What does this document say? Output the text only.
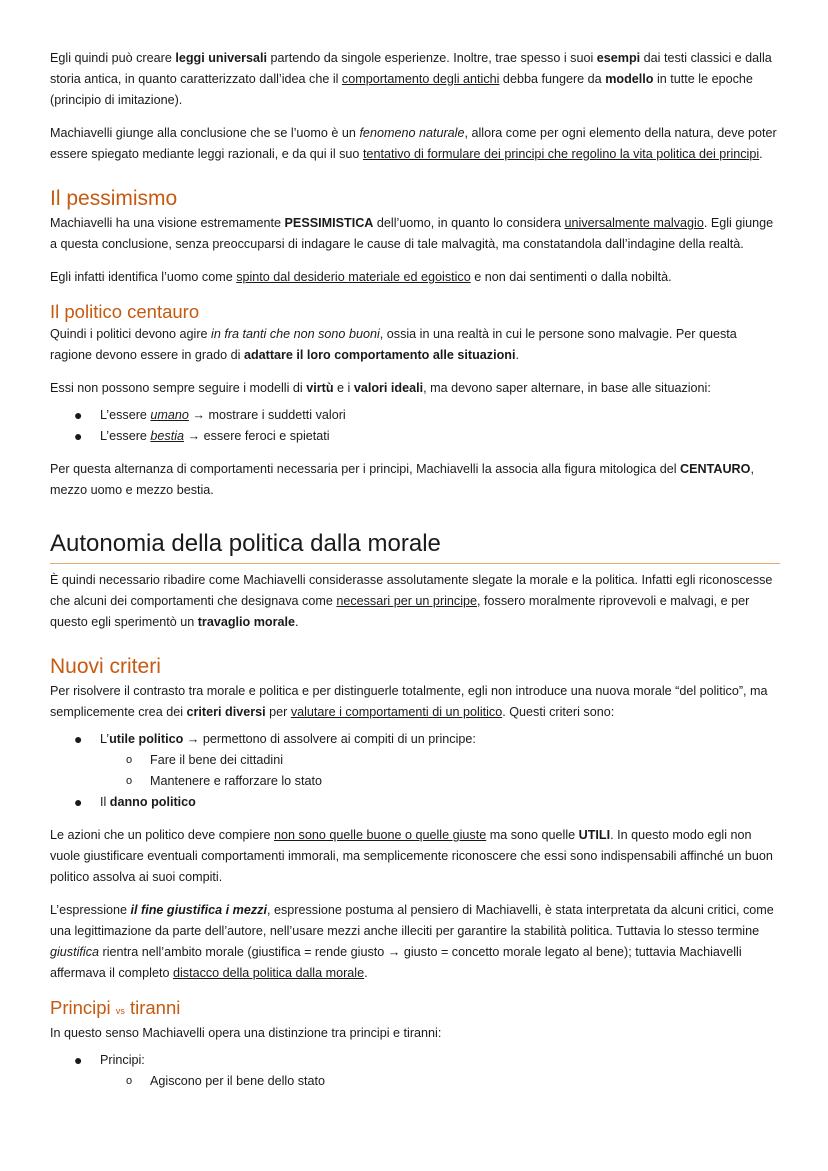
Egli quindi può creare leggi universali partendo da singole esperienze. Inoltre, trae spesso i suoi esempi dai testi classici e dalla storia antica, in quanto caratterizzato dall’idea che il comportamento degli antichi debba fungere da modello in tutte le epoche (principio di imitazione).

Machiavelli giunge alla conclusione che se l’uomo è un fenomeno naturale, allora come per ogni elemento della natura, deve poter essere spiegato mediante leggi razionali, e da qui il suo tentativo di formulare dei principi che regolino la vita politica dei principi.

Il pessimismo

Machiavelli ha una visione estremamente PESSIMISTICA dell’uomo, in quanto lo considera universalmente malvagio. Egli giunge a questa conclusione, senza preoccuparsi di indagare le cause di tale malvagità, ma constatandola dall’indagine della realtà.

Egli infatti identifica l’uomo come spinto dal desiderio materiale ed egoistico e non dai sentimenti o dalla nobiltà.

Il politico centauro

Quindi i politici devono agire in fra tanti che non sono buoni, ossia in una realtà in cui le persone sono malvagie. Per questa ragione devono essere in grado di adattare il loro comportamento alle situazioni.

Essi non possono sempre seguire i modelli di virtù e i valori ideali, ma devono saper alternare, in base alle situazioni:

● L’essere umano → mostrare i suddetti valori
● L’essere bestia → essere feroci e spietati

Per questa alternanza di comportamenti necessaria per i principi, Machiavelli la associa alla figura mitologica del CENTAURO, mezzo uomo e mezzo bestia.

Autonomia della politica dalla morale

È quindi necessario ribadire come Machiavelli considerasse assolutamente slegate la morale e la politica. Infatti egli riconoscesse che alcuni dei comportamenti che designava come necessari per un principe, fossero moralmente riprovevoli e malvagi, e per questo egli sperimentò un travaglio morale.

Nuovi criteri

Per risolvere il contrasto tra morale e politica e per distinguerle totalmente, egli non introduce una nuova morale “del politico”, ma semplicemente crea dei criteri diversi per valutare i comportamenti di un politico. Questi criteri sono:

● L’utile politico → permettono di assolvere ai compiti di un principe:
o Fare il bene dei cittadini
o Mantenere e rafforzare lo stato
● Il danno politico

Le azioni che un politico deve compiere non sono quelle buone o quelle giuste ma sono quelle UTILI. In questo modo egli non vuole giustificare eventuali comportamenti immorali, ma semplicemente riconoscere che essi sono indispensabili affinché un buon politico assolva ai suoi compiti.

L’espressione il fine giustifica i mezzi, espressione postuma al pensiero di Machiavelli, è stata interpretata da alcuni critici, come una legittimazione da parte dell’autore, nell’usare mezzi anche illeciti per garantire la stabilità politica. Tuttavia lo stesso termine giustifica rientra nell’ambito morale (giustifica = rende giusto → giusto = concetto morale legato al bene); tuttavia Machiavelli affermava il completo distacco della politica dalla morale.

Principi vs tiranni

In questo senso Machiavelli opera una distinzione tra principi e tiranni:

● Principi:
o Agiscono per il bene dello stato
